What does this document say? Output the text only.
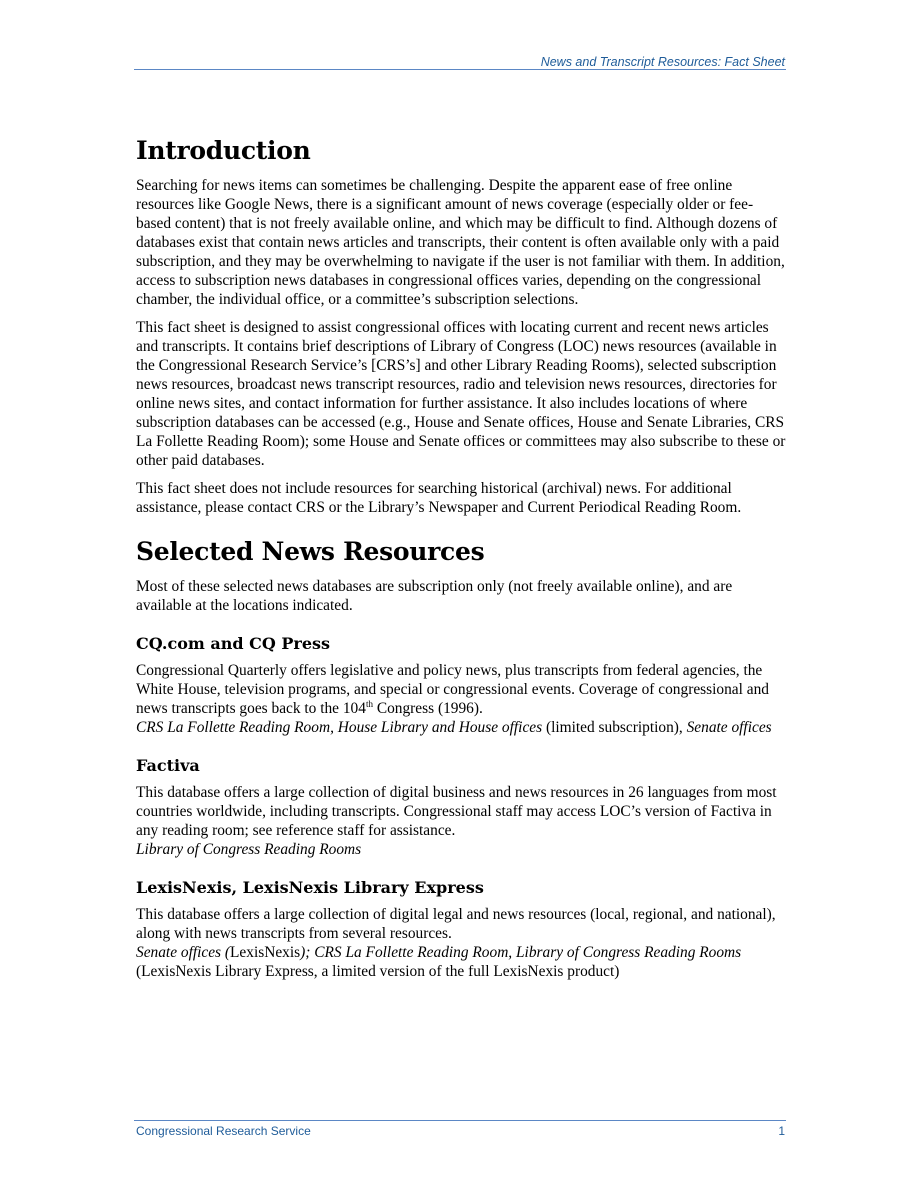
News and Transcript Resources: Fact Sheet
Introduction

Searching for news items can sometimes be challenging. Despite the apparent ease of free online resources like Google News, there is a significant amount of news coverage (especially older or fee-based content) that is not freely available online, and which may be difficult to find. Although dozens of databases exist that contain news articles and transcripts, their content is often available only with a paid subscription, and they may be overwhelming to navigate if the user is not familiar with them. In addition, access to subscription news databases in congressional offices varies, depending on the congressional chamber, the individual office, or a committee’s subscription selections.

This fact sheet is designed to assist congressional offices with locating current and recent news articles and transcripts. It contains brief descriptions of Library of Congress (LOC) news resources (available in the Congressional Research Service’s [CRS’s] and other Library Reading Rooms), selected subscription news resources, broadcast news transcript resources, radio and television news resources, directories for online news sites, and contact information for further assistance. It also includes locations of where subscription databases can be accessed (e.g., House and Senate offices, House and Senate Libraries, CRS La Follette Reading Room); some House and Senate offices or committees may also subscribe to these or other paid databases.

This fact sheet does not include resources for searching historical (archival) news. For additional assistance, please contact CRS or the Library’s Newspaper and Current Periodical Reading Room.

Selected News Resources

Most of these selected news databases are subscription only (not freely available online), and are available at the locations indicated.

CQ.com and CQ Press

Congressional Quarterly offers legislative and policy news, plus transcripts from federal agencies, the White House, television programs, and special or congressional events. Coverage of congressional and news transcripts goes back to the 104th Congress (1996).

CRS La Follette Reading Room, House Library and House offices (limited subscription), Senate offices

Factiva

This database offers a large collection of digital business and news resources in 26 languages from most countries worldwide, including transcripts. Congressional staff may access LOC’s version of Factiva in any reading room; see reference staff for assistance.

Library of Congress Reading Rooms

LexisNexis, LexisNexis Library Express

This database offers a large collection of digital legal and news resources (local, regional, and national), along with news transcripts from several resources.

Senate offices (LexisNexis); CRS La Follette Reading Room, Library of Congress Reading Rooms (LexisNexis Library Express, a limited version of the full LexisNexis product)

Congressional Research Service	1
